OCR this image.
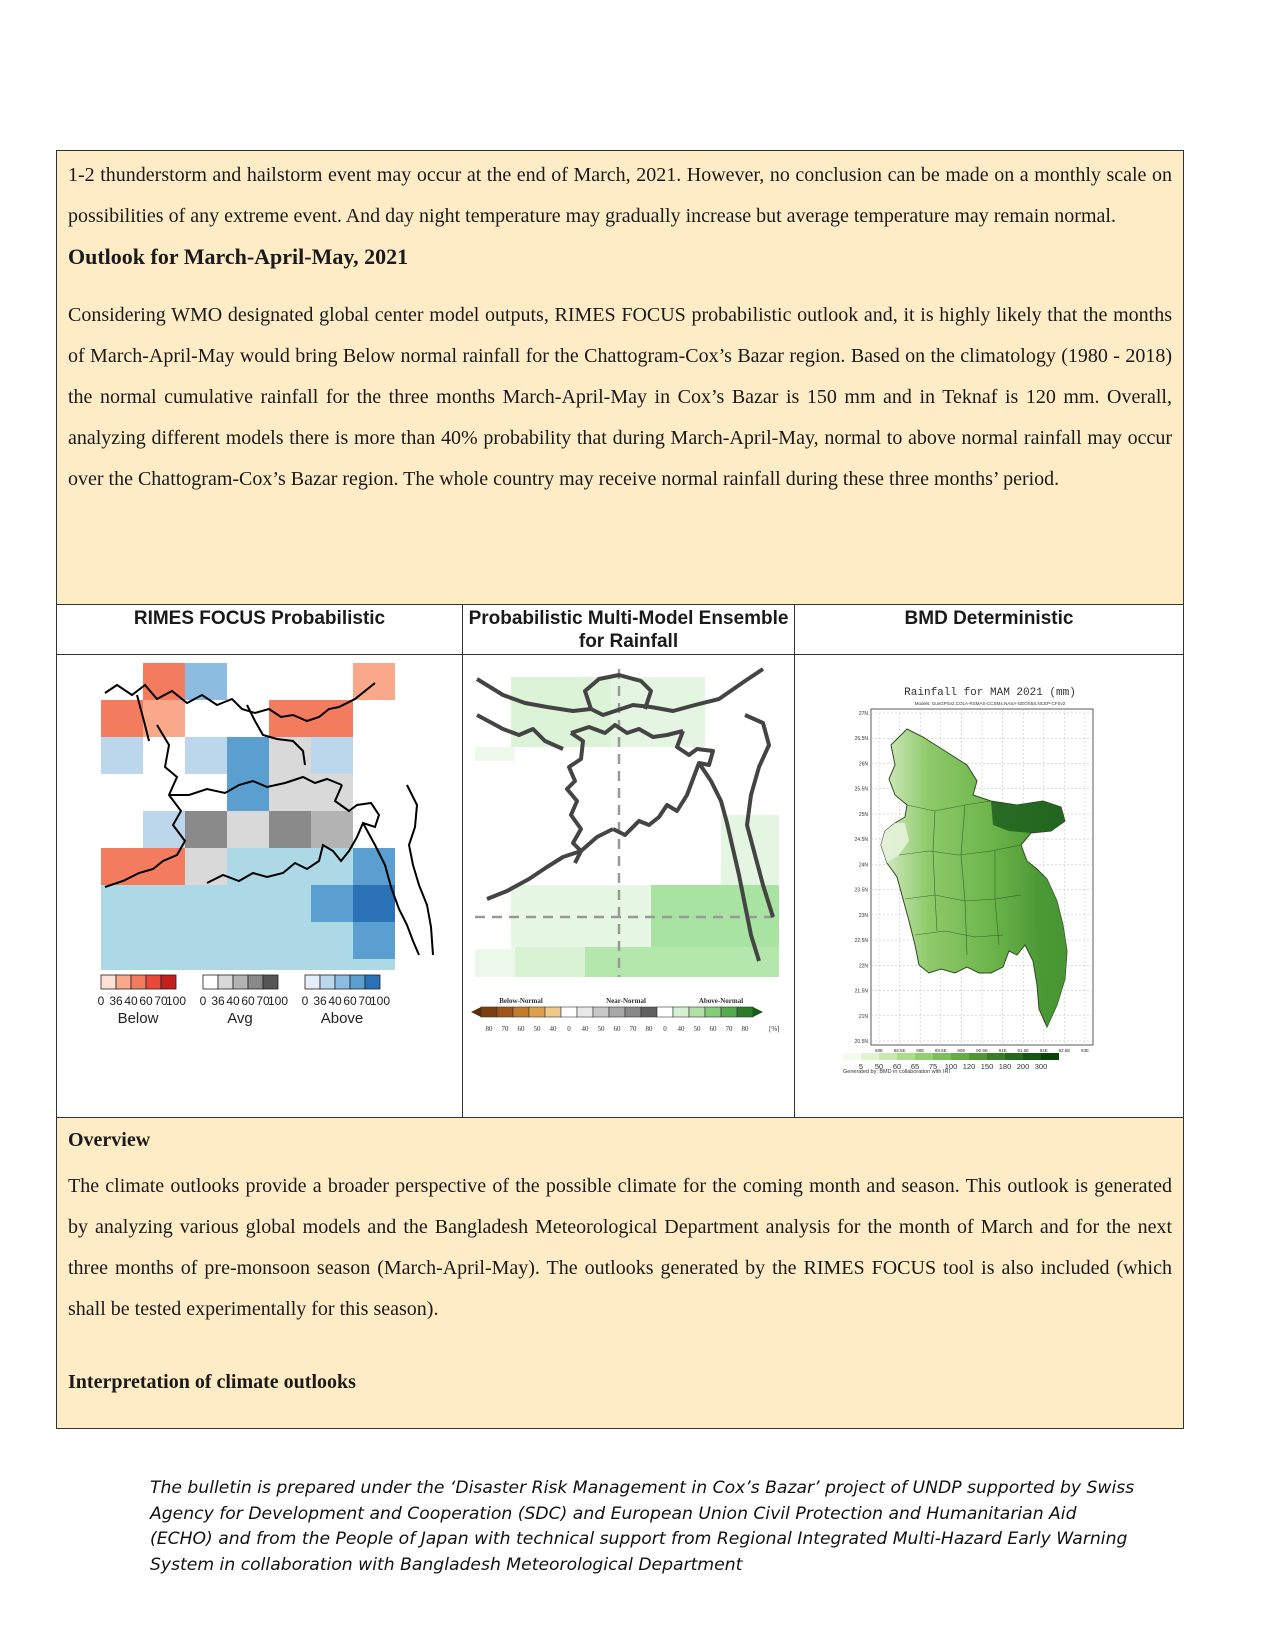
1-2 thunderstorm and hailstorm event may occur at the end of March, 2021. However, no conclusion can be made on a monthly scale on possibilities of any extreme event. And day night temperature may gradually increase but average temperature may remain normal.

Outlook for March-April-May, 2021

Considering WMO designated global center model outputs, RIMES FOCUS probabilistic outlook and, it is highly likely that the months of March-April-May would bring Below normal rainfall for the Chattogram-Cox’s Bazar region. Based on the climatology (1980 - 2018) the normal cumulative rainfall for the three months March-April-May in Cox’s Bazar is 150 mm and in Teknaf is 120 mm. Overall, analyzing different models there is more than 40% probability that during March-April-May, normal to above normal rainfall may occur over the Chattogram-Cox’s Bazar region. The whole country may receive normal rainfall during these three months’ period.

RIMES FOCUS Probabilistic
0 36 40 60 70
100
Below
0 36 40 60 70
100
Avg
0 36 40 60 70
100
Above
Probabilistic Multi-Model Ensemble for Rainfall
80 70 60 50 40 0 40 50 60 70 80 0 40 50 60 70 80	[%]
Below-Normal	Near-Normal	Above-Normal
BMD Deterministic
Rainfall for MAM 2021 (mm)
Models: GunGPSv2,COLA-RSMAS-CCSM4,NASA-GEOS5S,NCEP-CFSv2
27N
26.5N
26N
25.5N
25N
24.5N
24N
23.5N
23N
22.5N
22N
21.5N
21N
20.5N
88E 88.5E 89E 89.5E 90E 90.5E 91E 91.5E 92E 92.5E 93E
5 50 60 65 75 100 120 150 180 200 300
Generated by: BMD in collaboration with IRI

Overview

The climate outlooks provide a broader perspective of the possible climate for the coming month and season. This outlook is generated by analyzing various global models and the Bangladesh Meteorological Department analysis for the month of March and for the next three months of pre-monsoon season (March-April-May). The outlooks generated by the RIMES FOCUS tool is also included (which shall be tested experimentally for this season).

Interpretation of climate outlooks

The bulletin is prepared under the ‘Disaster Risk Management in Cox’s Bazar’ project of UNDP supported by Swiss Agency for Development and Cooperation (SDC) and European Union Civil Protection and Humanitarian Aid (ECHO) and from the People of Japan with technical support from Regional Integrated Multi-Hazard Early Warning System in collaboration with Bangladesh Meteorological Department
